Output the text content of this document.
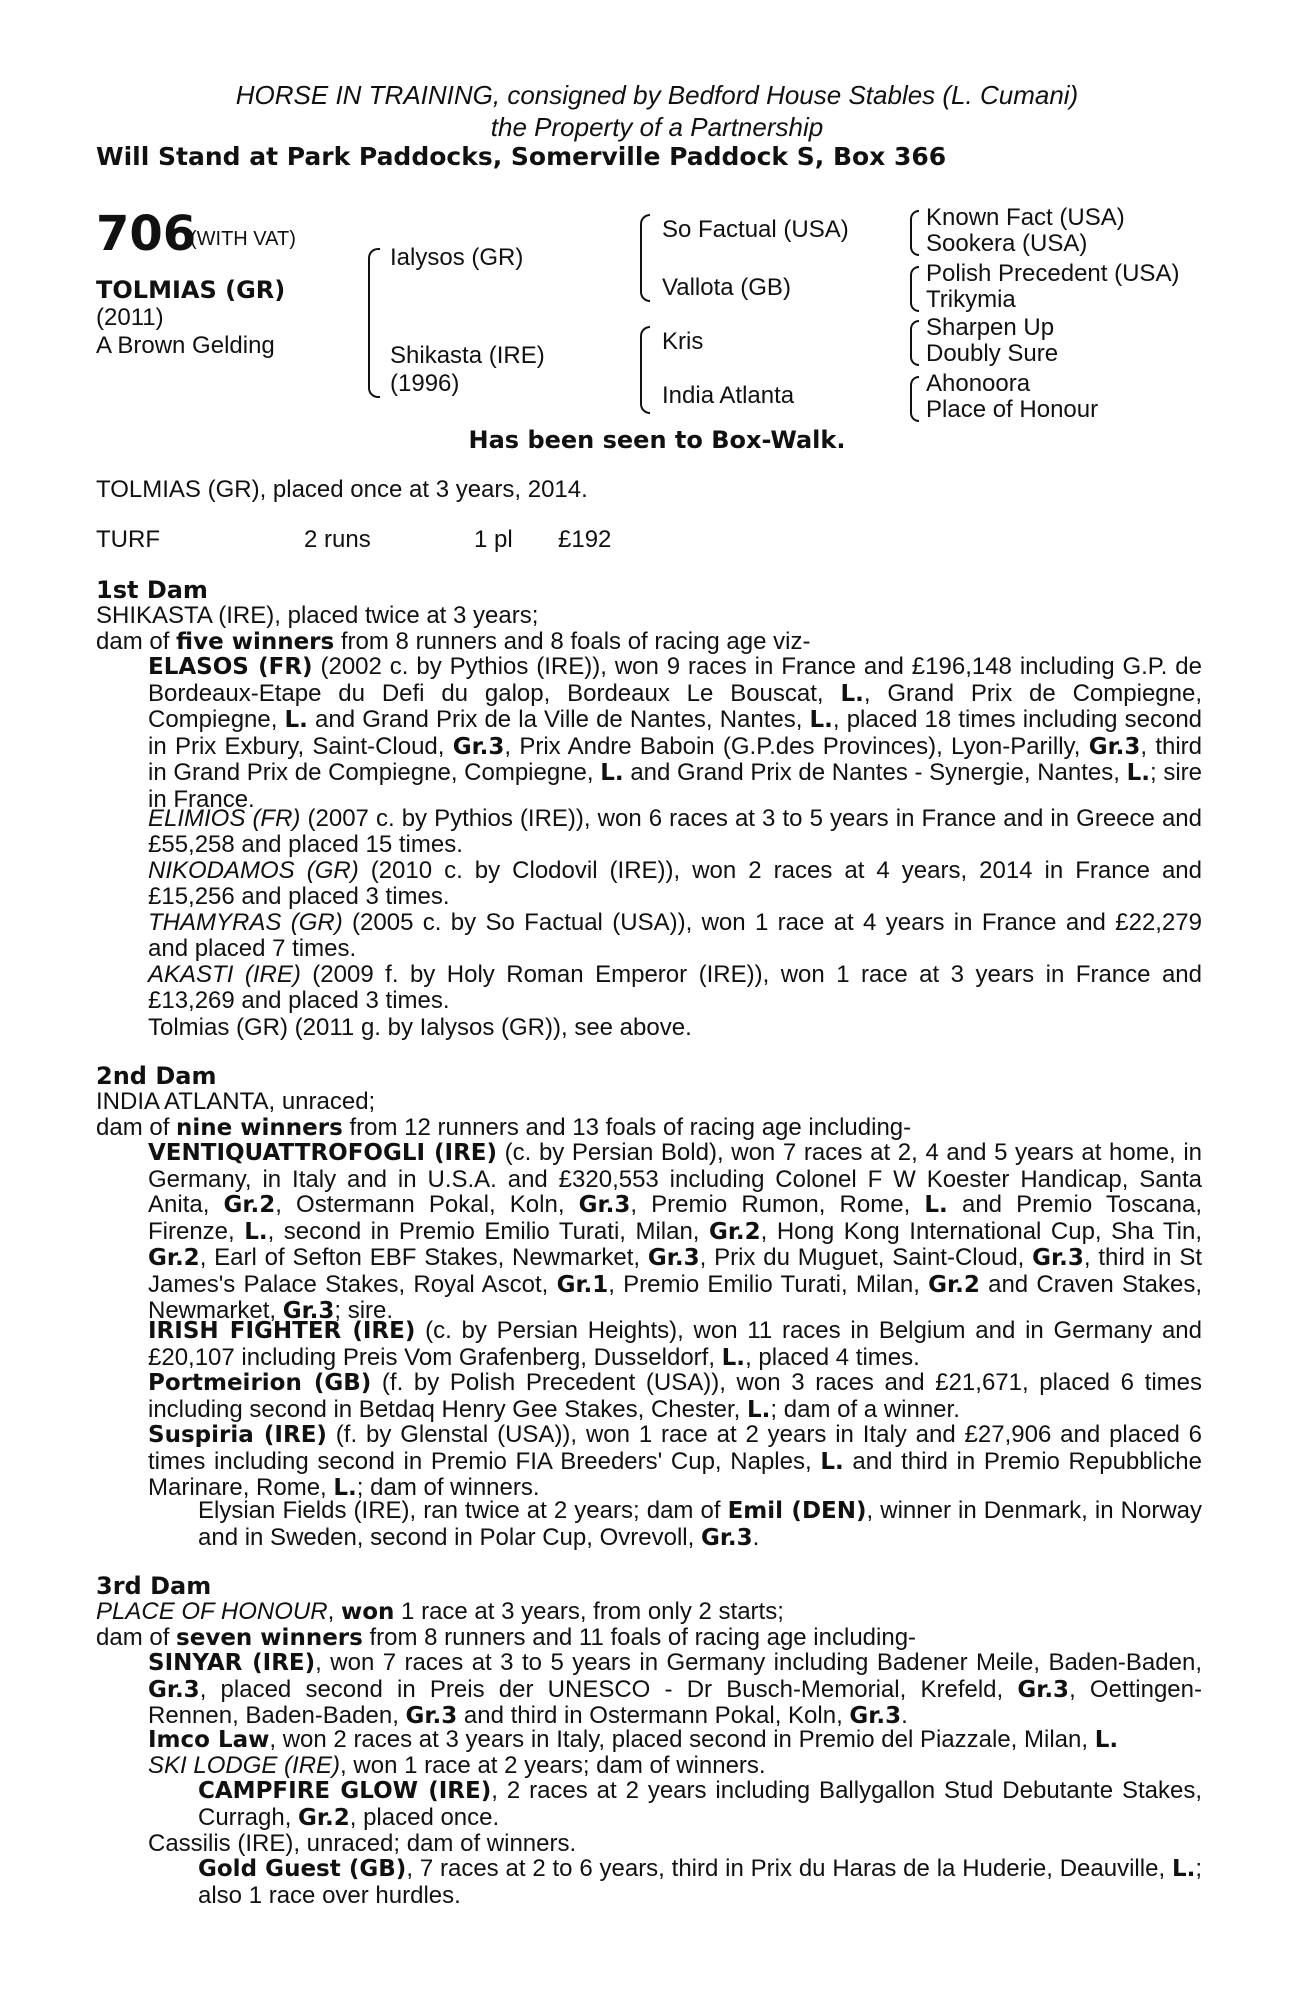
HORSE IN TRAINING, consigned by Bedford House Stables (L. Cumani)
the Property of a Partnership
Will Stand at Park Paddocks, Somerville Paddock S, Box 366
706
(WITH VAT)
TOLMIAS (GR)
(2011)
A Brown Gelding
Ialysos (GR)
Shikasta (IRE)
(1996)
So Factual (USA)
Vallota (GB)
Kris
India Atlanta
Known Fact (USA)
Sookera (USA)
Polish Precedent (USA)
Trikymia
Sharpen Up
Doubly Sure
Ahonoora
Place of Honour
Has been seen to Box-Walk.
TOLMIAS (GR), placed once at 3 years, 2014.
TURF	2 runs	1 pl £192
1st Dam
SHIKASTA (IRE), placed twice at 3 years;
dam of five winners from 8 runners and 8 foals of racing age viz-
ELASOS (FR) (2002 c. by Pythios (IRE)), won 9 races in France and £196,148 including G.P. de Bordeaux-Etape du Defi du galop, Bordeaux Le Bouscat, L., Grand Prix de Compiegne, Compiegne, L. and Grand Prix de la Ville de Nantes, Nantes, L., placed 18 times including second in Prix Exbury, Saint-Cloud, Gr.3, Prix Andre Baboin (G.P.des Provinces), Lyon-Parilly, Gr.3, third in Grand Prix de Compiegne, Compiegne, L. and Grand Prix de Nantes - Synergie, Nantes, L.; sire in France.
ELIMIOS (FR) (2007 c. by Pythios (IRE)), won 6 races at 3 to 5 years in France and in Greece and £55,258 and placed 15 times.
NIKODAMOS (GR) (2010 c. by Clodovil (IRE)), won 2 races at 4 years, 2014 in France and £15,256 and placed 3 times.
THAMYRAS (GR) (2005 c. by So Factual (USA)), won 1 race at 4 years in France and £22,279 and placed 7 times.
AKASTI (IRE) (2009 f. by Holy Roman Emperor (IRE)), won 1 race at 3 years in France and £13,269 and placed 3 times.
Tolmias (GR) (2011 g. by Ialysos (GR)), see above.
2nd Dam
INDIA ATLANTA, unraced;
dam of nine winners from 12 runners and 13 foals of racing age including-
VENTIQUATTROFOGLI (IRE) (c. by Persian Bold), won 7 races at 2, 4 and 5 years at home, in Germany, in Italy and in U.S.A. and £320,553 including Colonel F W Koester Handicap, Santa Anita, Gr.2, Ostermann Pokal, Koln, Gr.3, Premio Rumon, Rome, L. and Premio Toscana, Firenze, L., second in Premio Emilio Turati, Milan, Gr.2, Hong Kong International Cup, Sha Tin, Gr.2, Earl of Sefton EBF Stakes, Newmarket, Gr.3, Prix du Muguet, Saint-Cloud, Gr.3, third in St James's Palace Stakes, Royal Ascot, Gr.1, Premio Emilio Turati, Milan, Gr.2 and Craven Stakes, Newmarket, Gr.3; sire.
IRISH FIGHTER (IRE) (c. by Persian Heights), won 11 races in Belgium and in Germany and £20,107 including Preis Vom Grafenberg, Dusseldorf, L., placed 4 times.
Portmeirion (GB) (f. by Polish Precedent (USA)), won 3 races and £21,671, placed 6 times including second in Betdaq Henry Gee Stakes, Chester, L.; dam of a winner.
Suspiria (IRE) (f. by Glenstal (USA)), won 1 race at 2 years in Italy and £27,906 and placed 6 times including second in Premio FIA Breeders' Cup, Naples, L. and third in Premio Repubbliche Marinare, Rome, L.; dam of winners.
Elysian Fields (IRE), ran twice at 2 years; dam of Emil (DEN), winner in Denmark, in Norway and in Sweden, second in Polar Cup, Ovrevoll, Gr.3.
3rd Dam
PLACE OF HONOUR, won 1 race at 3 years, from only 2 starts;
dam of seven winners from 8 runners and 11 foals of racing age including-
SINYAR (IRE), won 7 races at 3 to 5 years in Germany including Badener Meile, Baden-Baden, Gr.3, placed second in Preis der UNESCO - Dr Busch-Memorial, Krefeld, Gr.3, Oettingen-Rennen, Baden-Baden, Gr.3 and third in Ostermann Pokal, Koln, Gr.3.
Imco Law, won 2 races at 3 years in Italy, placed second in Premio del Piazzale, Milan, L.
SKI LODGE (IRE), won 1 race at 2 years; dam of winners.
CAMPFIRE GLOW (IRE), 2 races at 2 years including Ballygallon Stud Debutante Stakes, Curragh, Gr.2, placed once.
Cassilis (IRE), unraced; dam of winners.
Gold Guest (GB), 7 races at 2 to 6 years, third in Prix du Haras de la Huderie, Deauville, L.; also 1 race over hurdles.
